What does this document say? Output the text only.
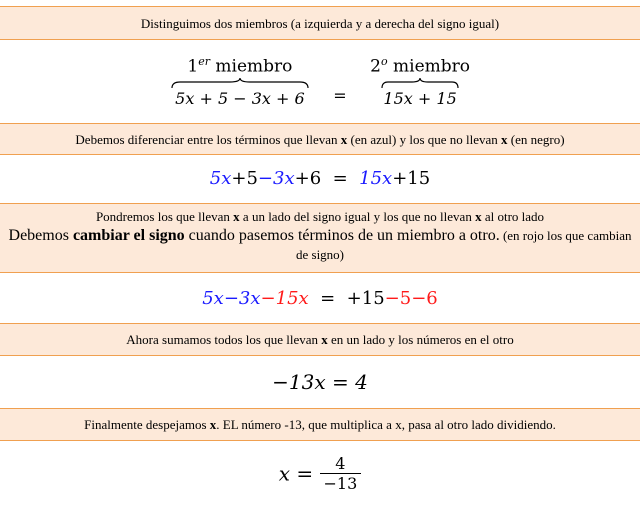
Distinguimos dos miembros (a izquierda y a derecha del signo igual)
1er miembro
5x + 5 − 3x + 6	=
2$^o$ miembro
15x + 15
Debemos diferenciar entre los términos que llevan x (en azul) y los que no llevan x (en negro)
5x+5−3x+6 = 15x+15
Pondremos los que llevan x a un lado del signo igual y los que no llevan x al otro lado
Debemos cambiar el signo cuando pasemos términos de un miembro a otro. (en rojo los que cambian de signo)
5x−3x−15x = +15−5−6
Ahora sumamos todos los que llevan x en un lado y los números en el otro
−13x = 4
Finalmente despejamos x. EL número -13, que multiplica a x, pasa al otro lado dividiendo.
$x = \frac{4}{-13}$
